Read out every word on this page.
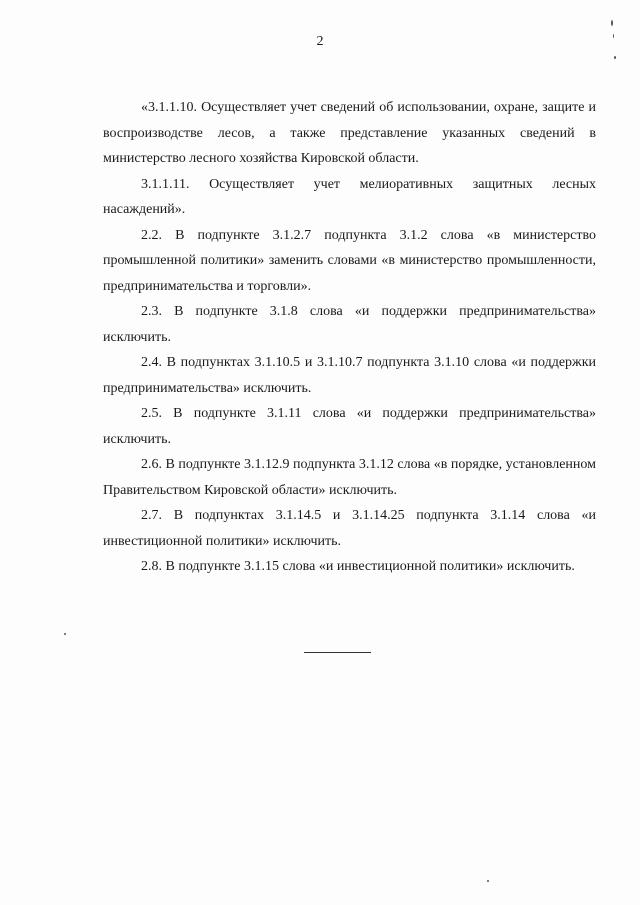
2

«3.1.1.10. Осуществляет учет сведений об использовании, охране, защите и воспроизводстве лесов, а также представление указанных сведений в министерство лесного хозяйства Кировской области.

3.1.1.11. Осуществляет учет мелиоративных защитных лесных насаждений».

2.2. В подпункте 3.1.2.7 подпункта 3.1.2 слова «в министерство промышленной политики» заменить словами «в министерство промышленности, предпринимательства и торговли».

2.3. В подпункте 3.1.8 слова «и поддержки предпринимательства» исключить.

2.4. В подпунктах 3.1.10.5 и 3.1.10.7 подпункта 3.1.10 слова «и поддержки предпринимательства» исключить.

2.5. В подпункте 3.1.11 слова «и поддержки предпринимательства» исключить.

2.6. В подпункте 3.1.12.9 подпункта 3.1.12 слова «в порядке, установленном Правительством Кировской области» исключить.

2.7. В подпунктах 3.1.14.5 и 3.1.14.25 подпункта 3.1.14 слова «и инвестиционной политики» исключить.

2.8. В подпункте 3.1.15 слова «и инвестиционной политики» исключить.
